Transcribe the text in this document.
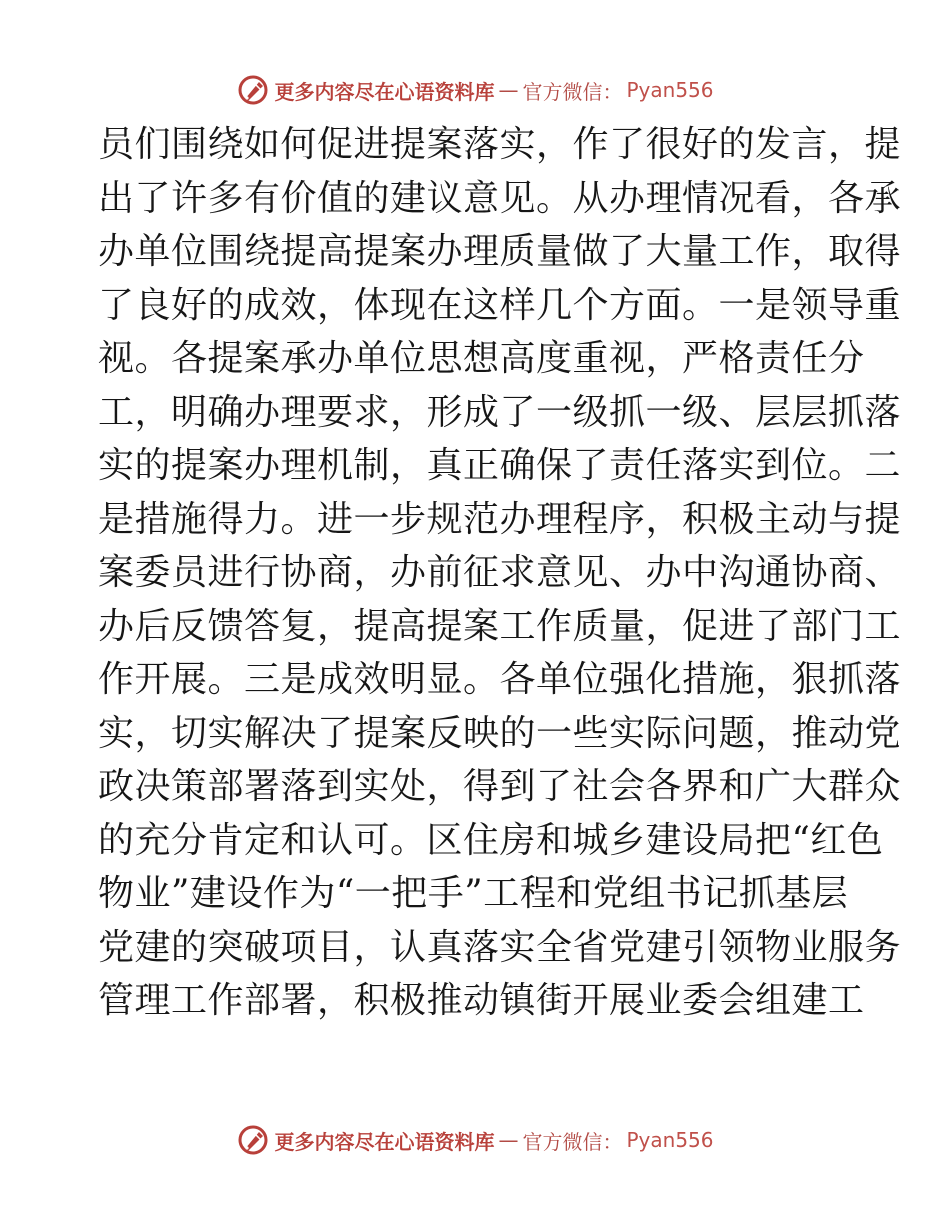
更多内容尽在心语资料库 — 官方微信： Pyan556
员们围绕如何促进提案落实，作了很好的发言，提
出了许多有价值的建议意见。从办理情况看，各承
办单位围绕提高提案办理质量做了大量工作，取得
了良好的成效，体现在这样几个方面。一是领导重
视。各提案承办单位思想高度重视，严格责任分
工，明确办理要求，形成了一级抓一级、层层抓落
实的提案办理机制，真正确保了责任落实到位。二
是措施得力。进一步规范办理程序，积极主动与提
案委员进行协商，办前征求意见、办中沟通协商、
办后反馈答复，提高提案工作质量，促进了部门工
作开展。三是成效明显。各单位强化措施，狠抓落
实，切实解决了提案反映的一些实际问题，推动党
政决策部署落到实处，得到了社会各界和广大群众
的充分肯定和认可。区住房和城乡建设局把“红色
物业”建设作为“一把手”工程和党组书记抓基层
党建的突破项目，认真落实全省党建引领物业服务
管理工作部署，积极推动镇街开展业委会组建工
更多内容尽在心语资料库 — 官方微信： Pyan556
